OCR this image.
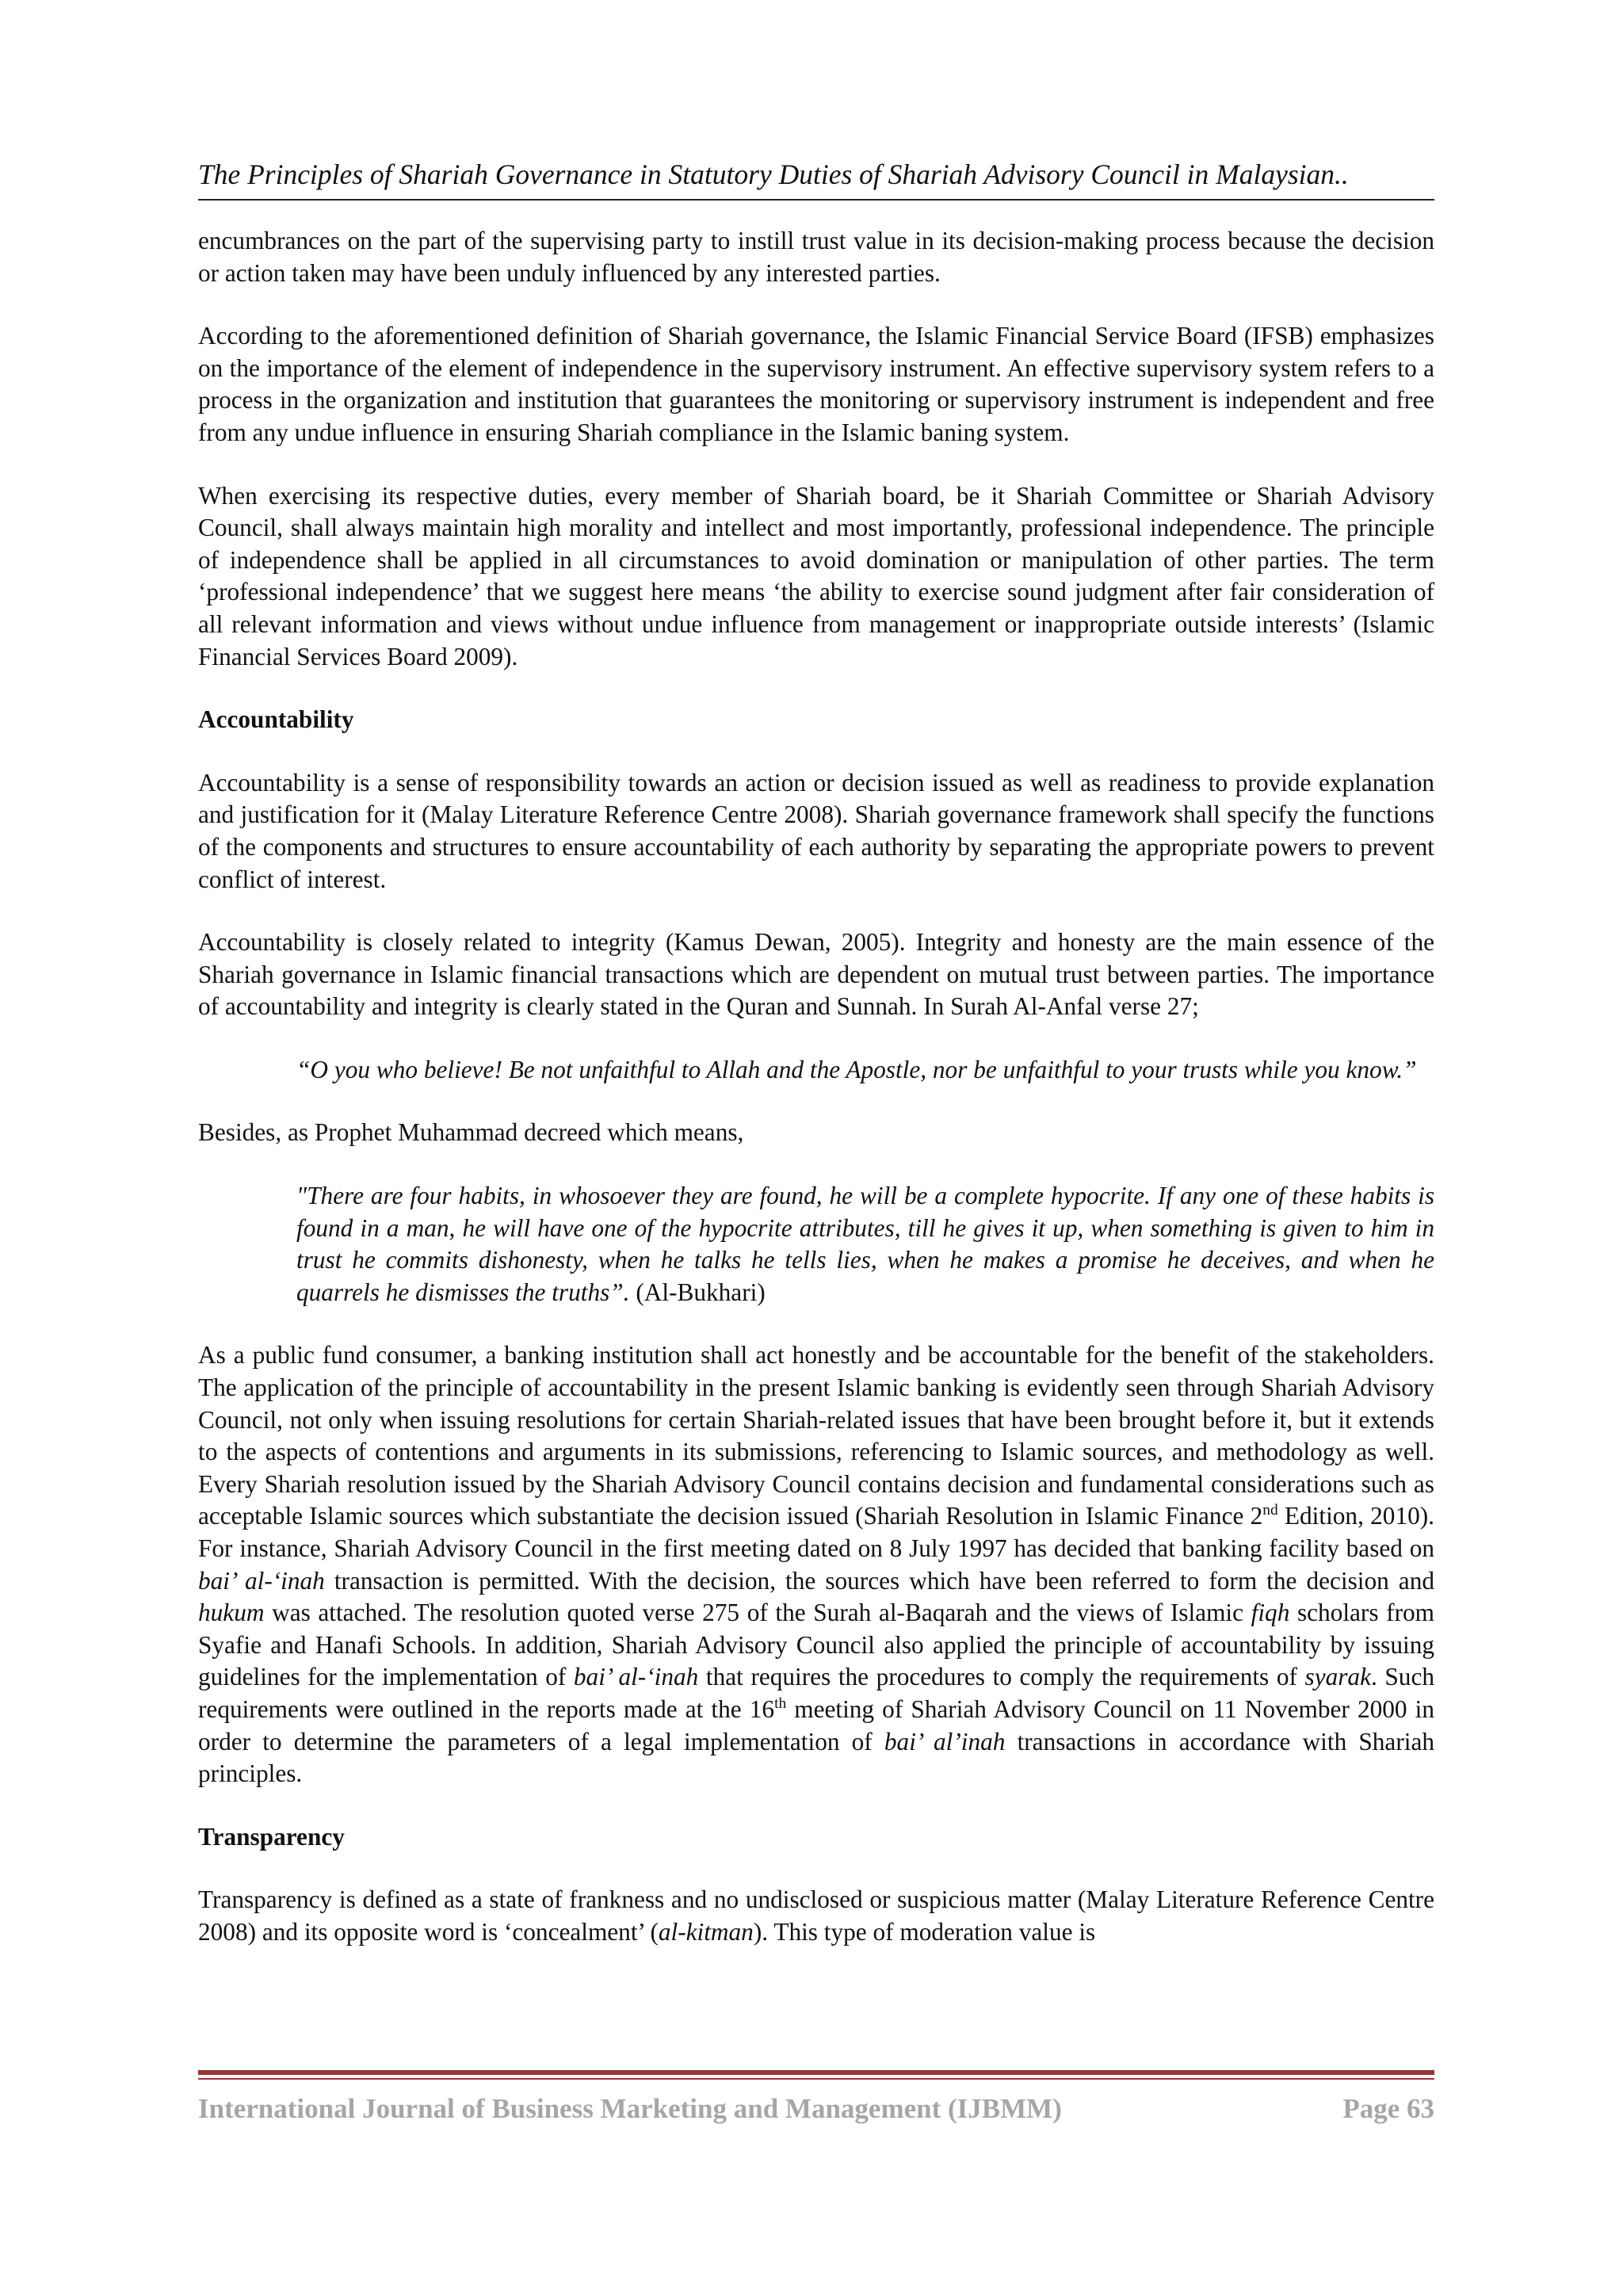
The Principles of Shariah Governance in Statutory Duties of Shariah Advisory Council in Malaysian..

encumbrances on the part of the supervising party to instill trust value in its decision-making process because the decision or action taken may have been unduly influenced by any interested parties.

According to the aforementioned definition of Shariah governance, the Islamic Financial Service Board (IFSB) emphasizes on the importance of the element of independence in the supervisory instrument. An effective supervisory system refers to a process in the organization and institution that guarantees the monitoring or supervisory instrument is independent and free from any undue influence in ensuring Shariah compliance in the Islamic baning system.

When exercising its respective duties, every member of Shariah board, be it Shariah Committee or Shariah Advisory Council, shall always maintain high morality and intellect and most importantly, professional independence. The principle of independence shall be applied in all circumstances to avoid domination or manipulation of other parties. The term ‘professional independence’ that we suggest here means ‘the ability to exercise sound judgment after fair consideration of all relevant information and views without undue influence from management or inappropriate outside interests’ (Islamic Financial Services Board 2009).

Accountability

Accountability is a sense of responsibility towards an action or decision issued as well as readiness to provide explanation and justification for it (Malay Literature Reference Centre 2008). Shariah governance framework shall specify the functions of the components and structures to ensure accountability of each authority by separating the appropriate powers to prevent conflict of interest.

Accountability is closely related to integrity (Kamus Dewan, 2005). Integrity and honesty are the main essence of the Shariah governance in Islamic financial transactions which are dependent on mutual trust between parties. The importance of accountability and integrity is clearly stated in the Quran and Sunnah. In Surah Al-Anfal verse 27;

“O you who believe! Be not unfaithful to Allah and the Apostle, nor be unfaithful to your trusts while you know.”

Besides, as Prophet Muhammad decreed which means,

"There are four habits, in whosoever they are found, he will be a complete hypocrite. If any one of these habits is found in a man, he will have one of the hypocrite attributes, till he gives it up, when something is given to him in trust he commits dishonesty, when he talks he tells lies, when he makes a promise he deceives, and when he quarrels he dismisses the truths”. (Al-Bukhari)

As a public fund consumer, a banking institution shall act honestly and be accountable for the benefit of the stakeholders. The application of the principle of accountability in the present Islamic banking is evidently seen through Shariah Advisory Council, not only when issuing resolutions for certain Shariah-related issues that have been brought before it, but it extends to the aspects of contentions and arguments in its submissions, referencing to Islamic sources, and methodology as well. Every Shariah resolution issued by the Shariah Advisory Council contains decision and fundamental considerations such as acceptable Islamic sources which substantiate the decision issued (Shariah Resolution in Islamic Finance 2nd Edition, 2010). For instance, Shariah Advisory Council in the first meeting dated on 8 July 1997 has decided that banking facility based on bai’ al-‘inah transaction is permitted. With the decision, the sources which have been referred to form the decision and hukum was attached. The resolution quoted verse 275 of the Surah al-Baqarah and the views of Islamic fiqh scholars from Syafie and Hanafi Schools. In addition, Shariah Advisory Council also applied the principle of accountability by issuing guidelines for the implementation of bai’ al-‘inah that requires the procedures to comply the requirements of syarak. Such requirements were outlined in the reports made at the 16th meeting of Shariah Advisory Council on 11 November 2000 in order to determine the parameters of a legal implementation of bai’ al’inah transactions in accordance with Shariah principles.

Transparency

Transparency is defined as a state of frankness and no undisclosed or suspicious matter (Malay Literature Reference Centre 2008) and its opposite word is ‘concealment’ (al-kitman). This type of moderation value is

International Journal of Business Marketing and Management (IJBMM)	Page 63
